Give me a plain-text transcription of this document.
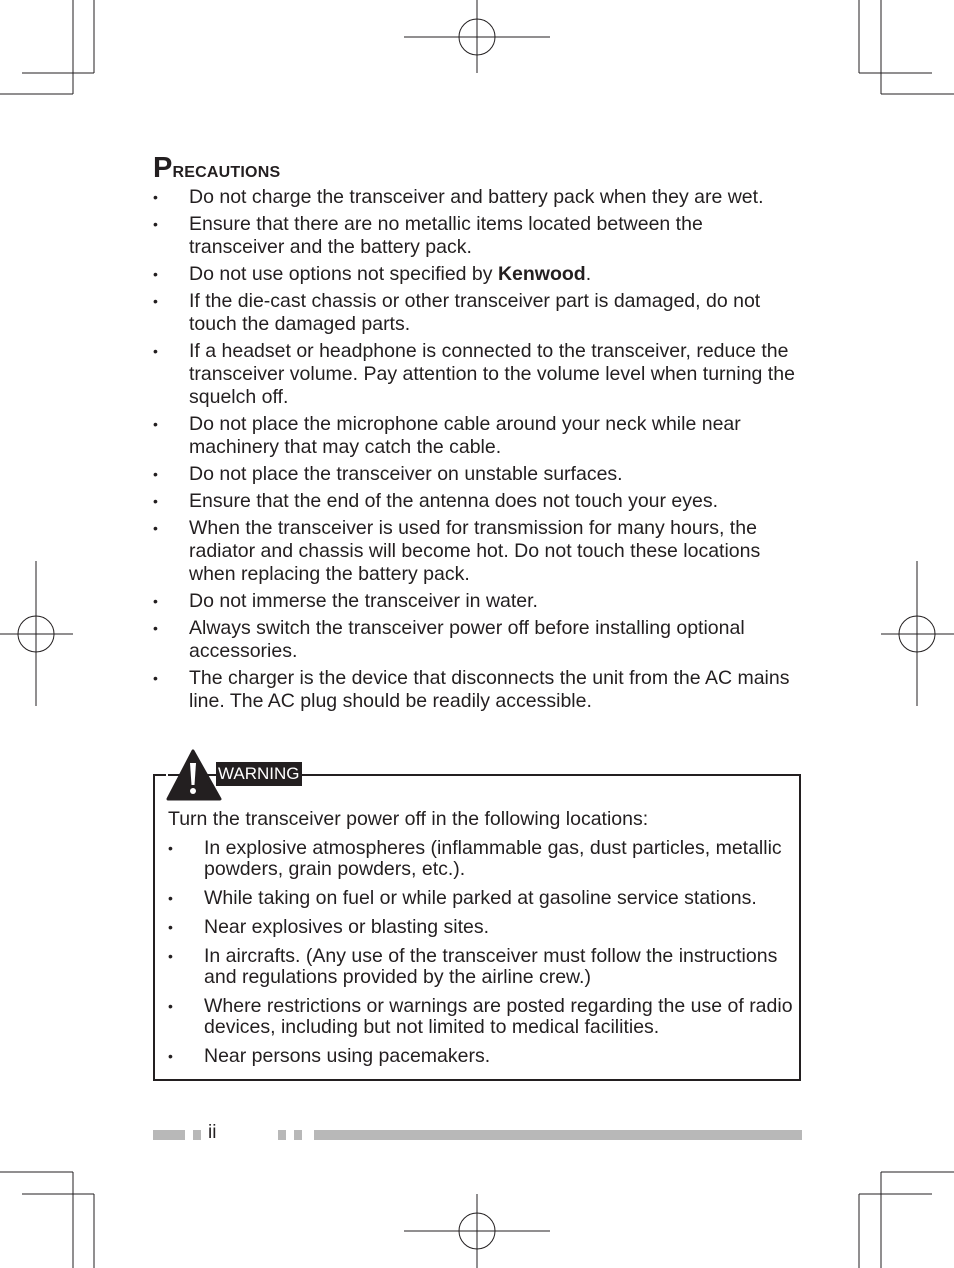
Precautions
• Do not charge the transceiver and battery pack when they are wet.
• Ensure that there are no metallic items located between the transceiver and the battery pack.
• Do not use options not specified by Kenwood.
• If the die-cast chassis or other transceiver part is damaged, do not touch the damaged parts.
• If a headset or headphone is connected to the transceiver, reduce the transceiver volume. Pay attention to the volume level when turning the squelch off.
• Do not place the microphone cable around your neck while near machinery that may catch the cable.
• Do not place the transceiver on unstable surfaces.
• Ensure that the end of the antenna does not touch your eyes.
• When the transceiver is used for transmission for many hours, the radiator and chassis will become hot. Do not touch these locations when replacing the battery pack.
• Do not immerse the transceiver in water.
• Always switch the transceiver power off before installing optional accessories.
• The charger is the device that disconnects the unit from the AC mains line. The AC plug should be readily accessible.
WARNING

Turn the transceiver power off in the following locations:

• In explosive atmospheres (inflammable gas, dust particles, metallic powders, grain powders, etc.).
• While taking on fuel or while parked at gasoline service stations.
• Near explosives or blasting sites.
• In aircrafts. (Any use of the transceiver must follow the instructions and regulations provided by the airline crew.)
• Where restrictions or warnings are posted regarding the use of radio devices, including but not limited to medical facilities.
• Near persons using pacemakers.
ii
